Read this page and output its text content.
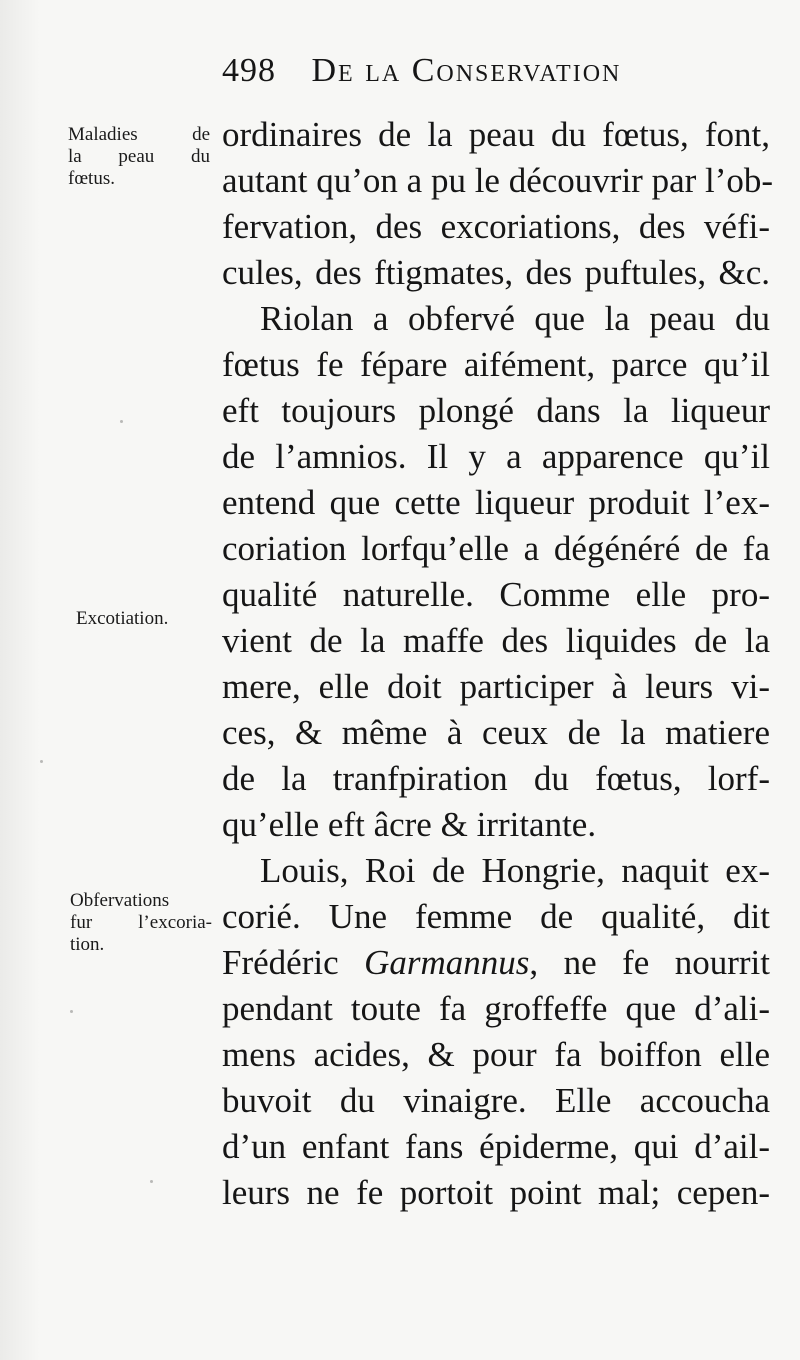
498 De la Conservation
Maladies de
la peau du
fœtus.
Excotiation.
Obfervations
fur l’excoria-
tion.
ordinaires de la peau du fœtus, font,
autant qu’on a pu le découvrir par l’ob-
fervation, des excoriations, des véfi-
cules, des ftigmates, des puftules, &c.
Riolan a obfervé que la peau du
fœtus fe fépare aifément, parce qu’il
eft toujours plongé dans la liqueur
de l’amnios. Il y a apparence qu’il
entend que cette liqueur produit l’ex-
coriation lorfqu’elle a dégénéré de fa
qualité naturelle. Comme elle pro-
vient de la maffe des liquides de la
mere, elle doit participer à leurs vi-
ces, & même à ceux de la matiere
de la tranfpiration du fœtus, lorf-
qu’elle eft âcre & irritante.
Louis, Roi de Hongrie, naquit ex-
corié. Une femme de qualité, dit
Frédéric Garmannus, ne fe nourrit
pendant toute fa groffeffe que d’ali-
mens acides, & pour fa boiffon elle
buvoit du vinaigre. Elle accoucha
d’un enfant fans épiderme, qui d’ail-
leurs ne fe portoit point mal; cepen-
